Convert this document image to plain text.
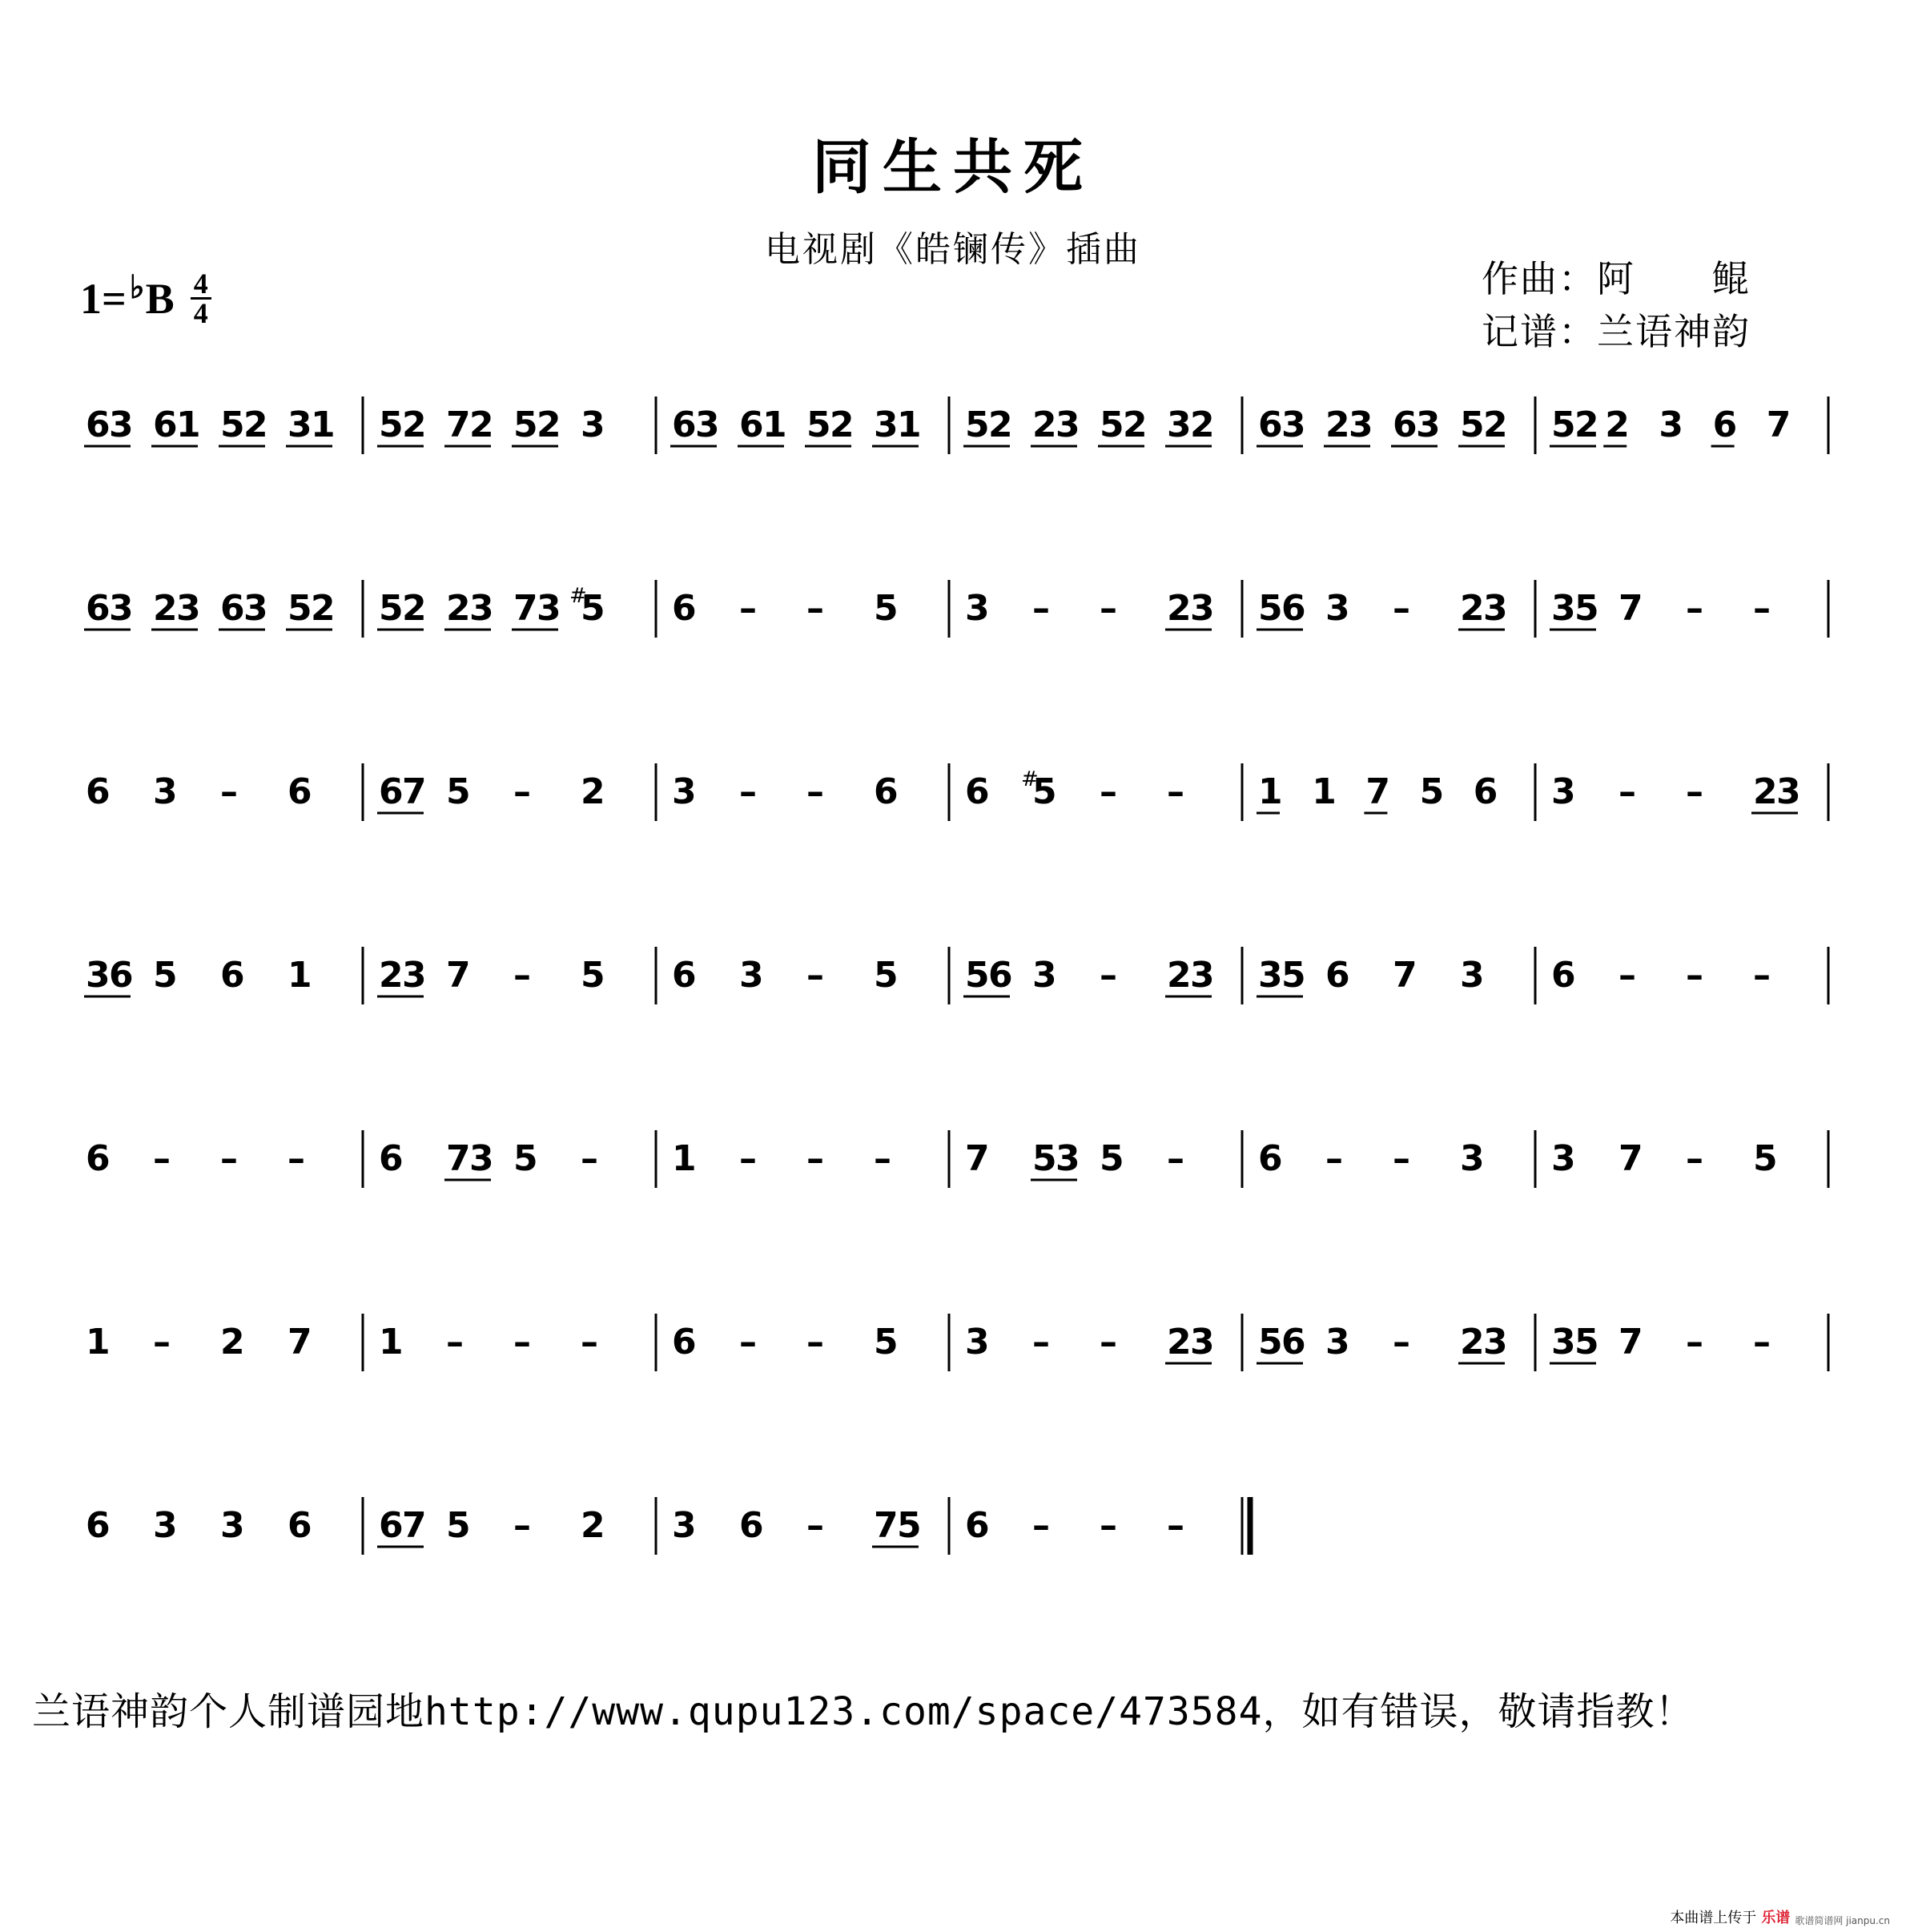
同生共死
电视剧《皓镧传》插曲
1= ♭ B 4
4
作曲：阿　　鲲
记谱：兰语神韵
6
3 6
1 5
2 3
1 5
2 7
2 5
2 3 6
3 6
1 5
2 3
1 5
2 2
3 5
2 3
2 6
3 2
3 6
3 5
2 5
2 2 3 6 7
6
3 2
3 6
3 5
2 5
2 2
3 7
3 #
5 6 – – 5 3 – – 2
3 5
6 3 – 2
3 3
5 7 – –
6 3 – 6 6
7 5 – 2 3 – – 6 6 #
5 – – 1 1 7 5 6 3 – – 2
3
3
6 5 6 1 2
3 7 – 5 6 3 – 5 5
6 3 – 2
3 3
5 6 7 3 6 – – –
6 – – – 6 7
3 5 – 1 – – – 7 5
3 5 – 6 – – 3 3 7 – 5
1 – 2 7 1 – – – 6 – – 5 3 – – 2
3 5
6 3 – 2
3 3
5 7 – –
6 3 3 6 6
7 5 – 2 3 6 – 7
5 6 – – –
兰语神韵个人制谱园地http://www.qupu123.com/space/473584，如有错误，敬请指教！
本曲谱上传于 乐谱 歌谱简谱网 jianpu.cn
